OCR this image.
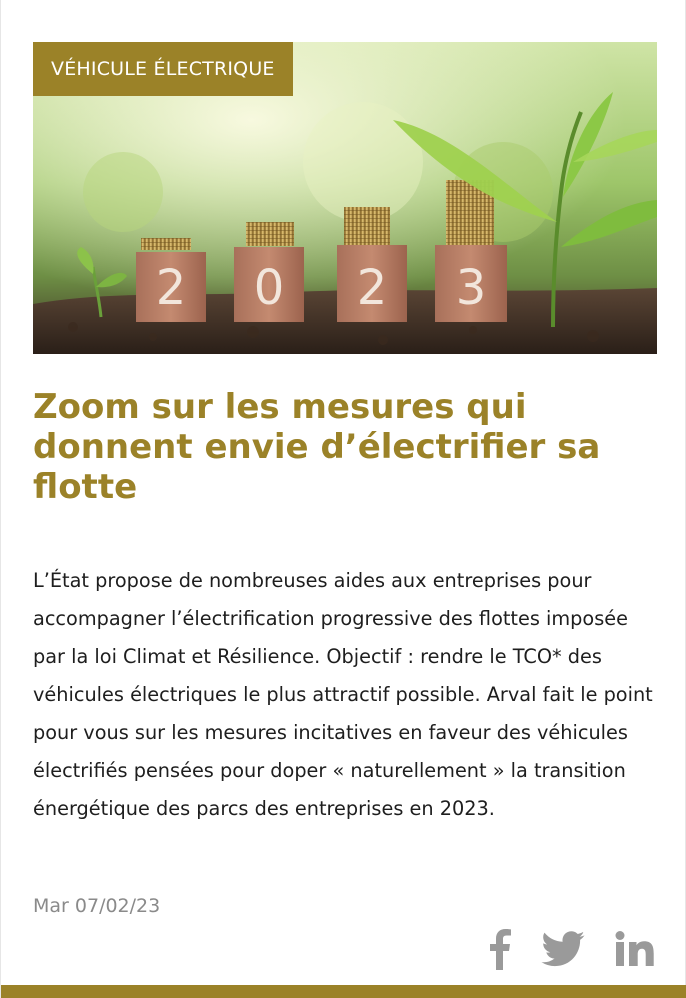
2 0 2 3
VÉHICULE ÉLECTRIQUE
Zoom sur les mesures qui donnent envie d’électrifier sa flotte

L’État propose de nombreuses aides aux entreprises pour accompagner l’électrification progressive des flottes imposée par la loi Climat et Résilience. Objectif : rendre le TCO* des véhicules électriques le plus attractif possible. Arval fait le point pour vous sur les mesures incitatives en faveur des véhicules électrifiés pensées pour doper « naturellement » la transition énergétique des parcs des entreprises en 2023.

Mar 07/02/23
